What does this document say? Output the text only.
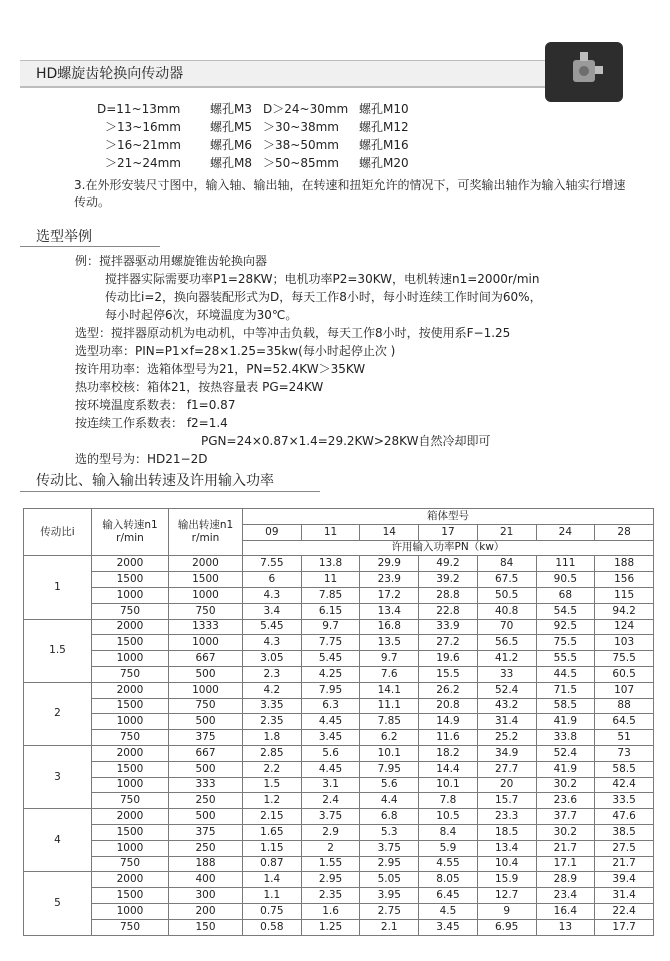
HD螺旋齿轮换向传动器
D=11~13mm 螺孔M3 D＞24~30mm 螺孔M10
＞13~16mm 螺孔M5 ＞30~38mm 螺孔M12
＞16~21mm 螺孔M6 ＞38~50mm 螺孔M16
＞21~24mm 螺孔M8 ＞50~85mm 螺孔M20
3.在外形安装尺寸图中，输入轴、输出轴，在转速和扭矩允许的情况下，可奖输出轴作为输入轴实行增速传动。
选型举例
例：搅拌器驱动用螺旋锥齿轮换向器
搅拌器实际需要功率P1=28KW；电机功率P2=30KW，电机转速n1=2000r/min
传动比i=2，换向器装配形式为D，每天工作8小时，每小时连续工作时间为60%，
每小时起停6次，环境温度为30℃。
选型：搅拌器原动机为电动机，中等冲击负载，每天工作8小时，按使用系F−1.25
选型功率：PIN=P1×f=28×1.25=35kw(每小时起停止次 )
按许用功率：选箱体型号为21，PN=52.4KW＞35KW
热功率校核：箱体21，按热容量表 PG=24KW
按环境温度系数表： f1=0.87
按连续工作系数表： f2=1.4
PGN=24×0.87×1.4=29.2KW>28KW自然冷却即可
选的型号为：HD21−2D
传动比、输入输出转速及许用输入功率
传动比i	输入转速n1 r/min	输出转速n1 r/min	箱体型号						
			09	11	14	17	21	24	28
			许用输入功率PN（kw）						
1	2000	2000	7.55	13.8	29.9	49.2	84	111	188
	1500	1500	6	11	23.9	39.2	67.5	90.5	156
	1000	1000	4.3	7.85	17.2	28.8	50.5	68	115
	750	750	3.4	6.15	13.4	22.8	40.8	54.5	94.2
1.5	2000	1333	5.45	9.7	16.8	33.9	70	92.5	124
	1500	1000	4.3	7.75	13.5	27.2	56.5	75.5	103
	1000	667	3.05	5.45	9.7	19.6	41.2	55.5	75.5
	750	500	2.3	4.25	7.6	15.5	33	44.5	60.5
2	2000	1000	4.2	7.95	14.1	26.2	52.4	71.5	107
	1500	750	3.35	6.3	11.1	20.8	43.2	58.5	88
	1000	500	2.35	4.45	7.85	14.9	31.4	41.9	64.5
	750	375	1.8	3.45	6.2	11.6	25.2	33.8	51
3	2000	667	2.85	5.6	10.1	18.2	34.9	52.4	73
	1500	500	2.2	4.45	7.95	14.4	27.7	41.9	58.5
	1000	333	1.5	3.1	5.6	10.1	20	30.2	42.4
	750	250	1.2	2.4	4.4	7.8	15.7	23.6	33.5
4	2000	500	2.15	3.75	6.8	10.5	23.3	37.7	47.6
	1500	375	1.65	2.9	5.3	8.4	18.5	30.2	38.5
	1000	250	1.15	2	3.75	5.9	13.4	21.7	27.5
	750	188	0.87	1.55	2.95	4.55	10.4	17.1	21.7
5	2000	400	1.4	2.95	5.05	8.05	15.9	28.9	39.4
	1500	300	1.1	2.35	3.95	6.45	12.7	23.4	31.4
	1000	200	0.75	1.6	2.75	4.5	9	16.4	22.4
	750	150	0.58	1.25	2.1	3.45	6.95	13	17.7
